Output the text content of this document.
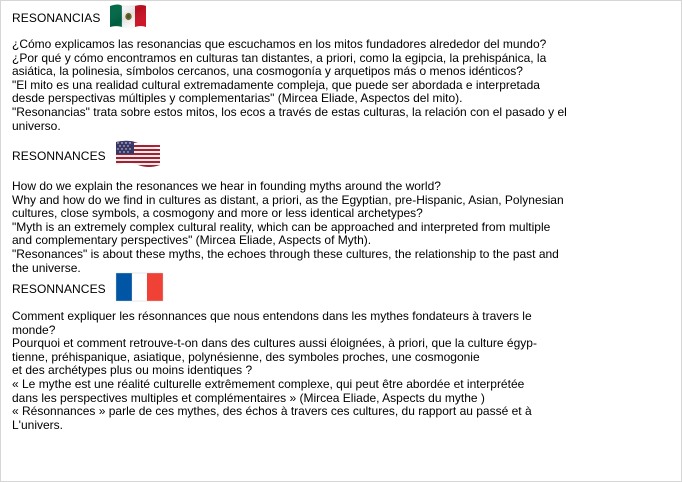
RESONANCIAS
¿Cómo explicamos las resonancias que escuchamos en los mitos fundadores alrededor del mundo?
¿Por qué y cómo encontramos en culturas tan distantes, a priori, como la egipcia, la prehispánica, la
asiática, la polinesia, símbolos cercanos, una cosmogonía y arquetipos más o menos idénticos?
"El mito es una realidad cultural extremadamente compleja, que puede ser abordada e interpretada
desde perspectivas múltiples y complementarias" (Mircea Eliade, Aspectos del mito).
"Resonancias" trata sobre estos mitos, los ecos a través de estas culturas, la relación con el pasado y el
universo.
RESONNANCES
How do we explain the resonances we hear in founding myths around the world?
Why and how do we find in cultures as distant, a priori, as the Egyptian, pre-Hispanic, Asian, Polynesian
cultures, close symbols, a cosmogony and more or less identical archetypes?
"Myth is an extremely complex cultural reality, which can be approached and interpreted from multiple
and complementary perspectives" (Mircea Eliade, Aspects of Myth).
"Resonances" is about these myths, the echoes through these cultures, the relationship to the past and
the universe.
RESONNANCES
Comment expliquer les résonnances que nous entendons dans les mythes fondateurs à travers le
monde?
Pourquoi et comment retrouve-t-on dans des cultures aussi éloignées, à priori, que la culture égyp-
tienne, préhispanique, asiatique, polynésienne, des symboles proches, une cosmogonie
et des archétypes plus ou moins identiques ?
« Le mythe est une réalité culturelle extrêmement complexe, qui peut être abordée et interprétée
dans les perspectives multiples et complémentaires » (Mircea Eliade, Aspects du mythe )
« Résonnances » parle de ces mythes, des échos à travers ces cultures, du rapport au passé et à
L'univers.
